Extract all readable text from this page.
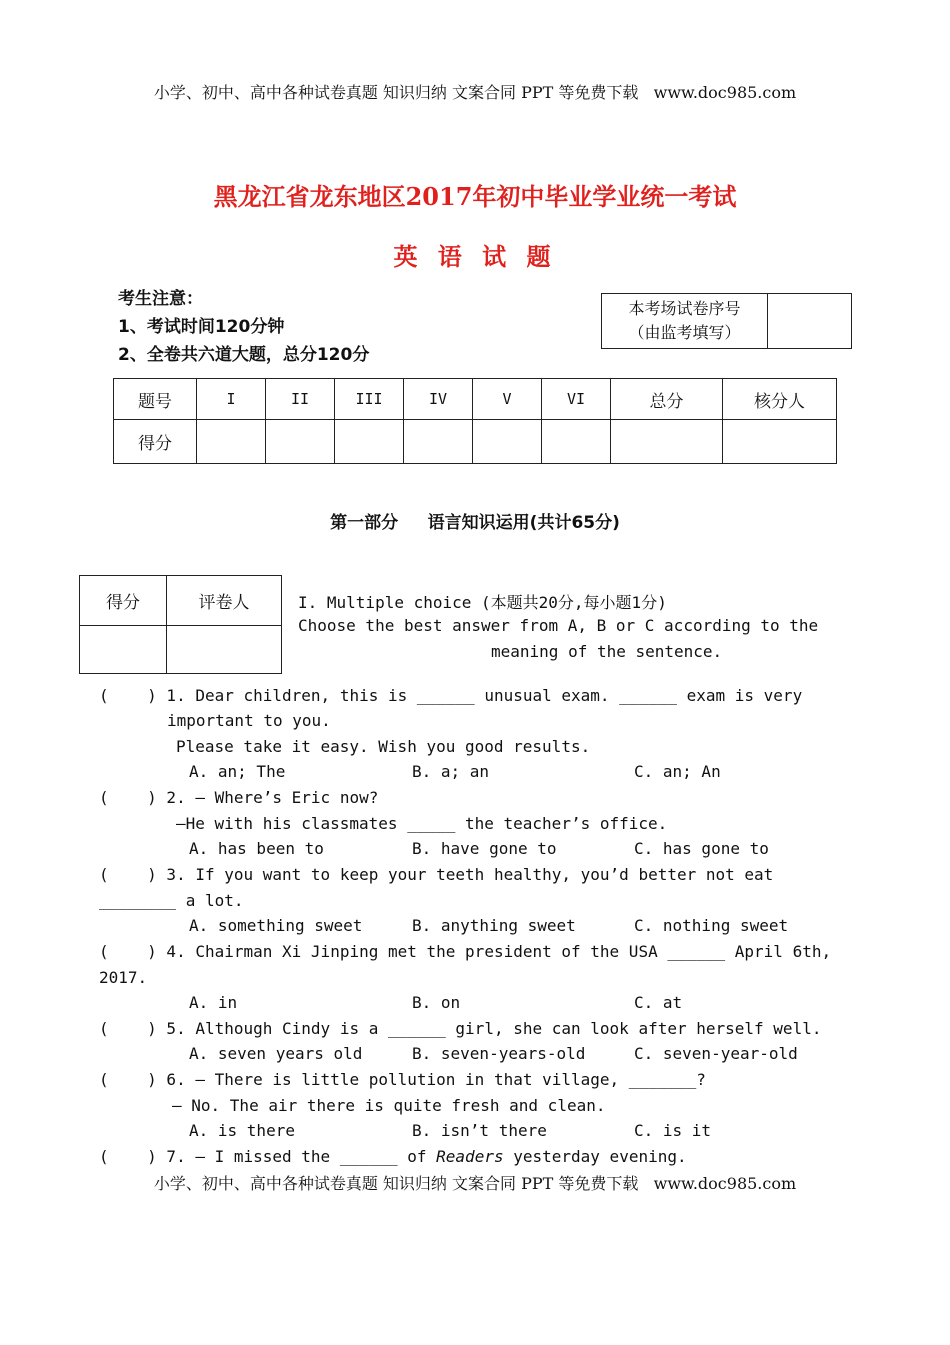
小学、初中、高中各种试卷真题 知识归纳 文案合同 PPT 等免费下载   www.doc985.com
黑龙江省龙东地区2017年初中毕业学业统一考试
英 语 试 题
考生注意：
1、考试时间120分钟
2、全卷共六道大题，总分120分
本考场试卷序号
（由监考填写）

题号	I	II	III	IV	V	VI	总分	核分人
得分								
第一部分     语言知识运用(共计65分)
得分	评卷人
		I. Multiple choice (本题共20分,每小题1分)
Choose the best answer from A, B or C according to the
meaning of the sentence.
(    ) 1. Dear children, this is ______ unusual exam. ______ exam is very
important to you.
Please take it easy. Wish you good results.
A. an; The	B. a; an	C. an; An
(    ) 2. — Where’s Eric now?
—He with his classmates _____ the teacher’s office.
A. has been to	B. have gone to	C. has gone to
(    ) 3. If you want to keep your teeth healthy, you’d better not eat
________ a lot.
A. something sweet	B. anything sweet	C. nothing sweet
(    ) 4. Chairman Xi Jinping met the president of the USA ______ April 6th,
2017.
A. in	B. on	C. at
(    ) 5. Although Cindy is a ______ girl, she can look after herself well.
A. seven years old	B. seven-years-old	C. seven-year-old
(    ) 6. — There is little pollution in that village, _______?
— No. The air there is quite fresh and clean.
A. is there	B. isn’t there	C. is it
(    ) 7. — I missed the ______ of Readers yesterday evening.
小学、初中、高中各种试卷真题 知识归纳 文案合同 PPT 等免费下载   www.doc985.com
